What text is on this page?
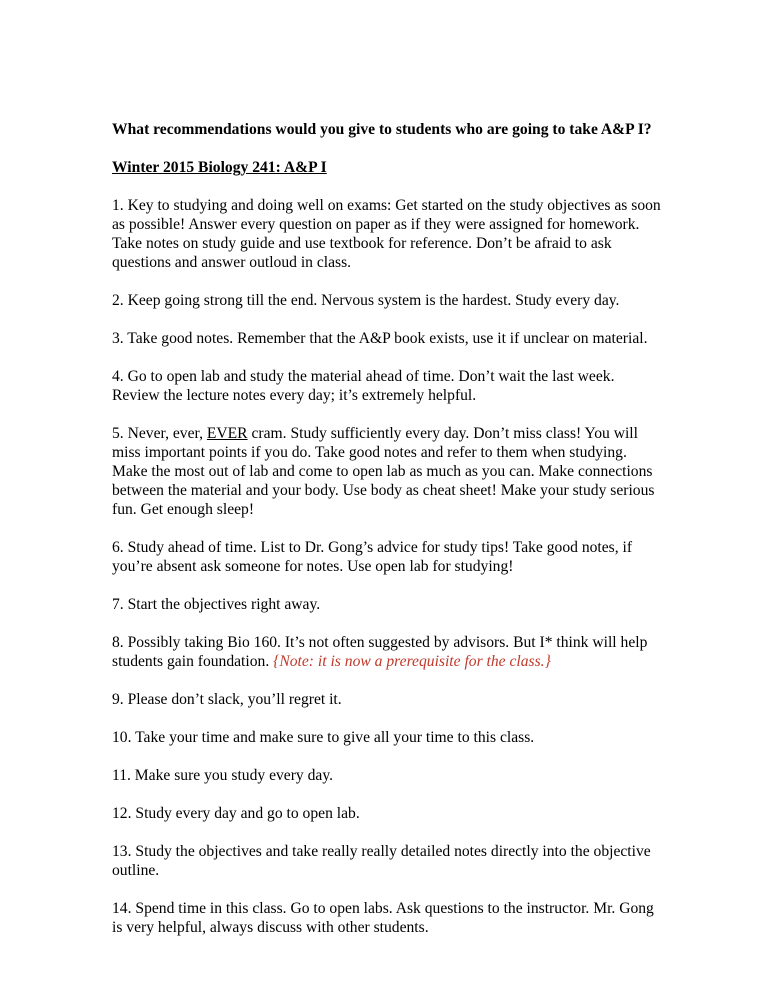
What recommendations would you give to students who are going to take A&P I?

Winter 2015 Biology 241: A&P I

1. Key to studying and doing well on exams: Get started on the study objectives as soon as possible! Answer every question on paper as if they were assigned for homework. Take notes on study guide and use textbook for reference. Don’t be afraid to ask questions and answer outloud in class.

2. Keep going strong till the end. Nervous system is the hardest. Study every day.

3. Take good notes. Remember that the A&P book exists, use it if unclear on material.

4. Go to open lab and study the material ahead of time. Don’t wait the last week. Review the lecture notes every day; it’s extremely helpful.

5. Never, ever, EVER cram. Study sufficiently every day. Don’t miss class! You will miss important points if you do. Take good notes and refer to them when studying. Make the most out of lab and come to open lab as much as you can. Make connections between the material and your body. Use body as cheat sheet! Make your study serious fun. Get enough sleep!

6. Study ahead of time. List to Dr. Gong’s advice for study tips! Take good notes, if you’re absent ask someone for notes. Use open lab for studying!

7. Start the objectives right away.

8. Possibly taking Bio 160. It’s not often suggested by advisors. But I* think will help students gain foundation. {Note: it is now a prerequisite for the class.}

9. Please don’t slack, you’ll regret it.

10. Take your time and make sure to give all your time to this class.

11. Make sure you study every day.

12. Study every day and go to open lab.

13. Study the objectives and take really really detailed notes directly into the objective outline.

14. Spend time in this class. Go to open labs. Ask questions to the instructor. Mr. Gong is very helpful, always discuss with other students.
